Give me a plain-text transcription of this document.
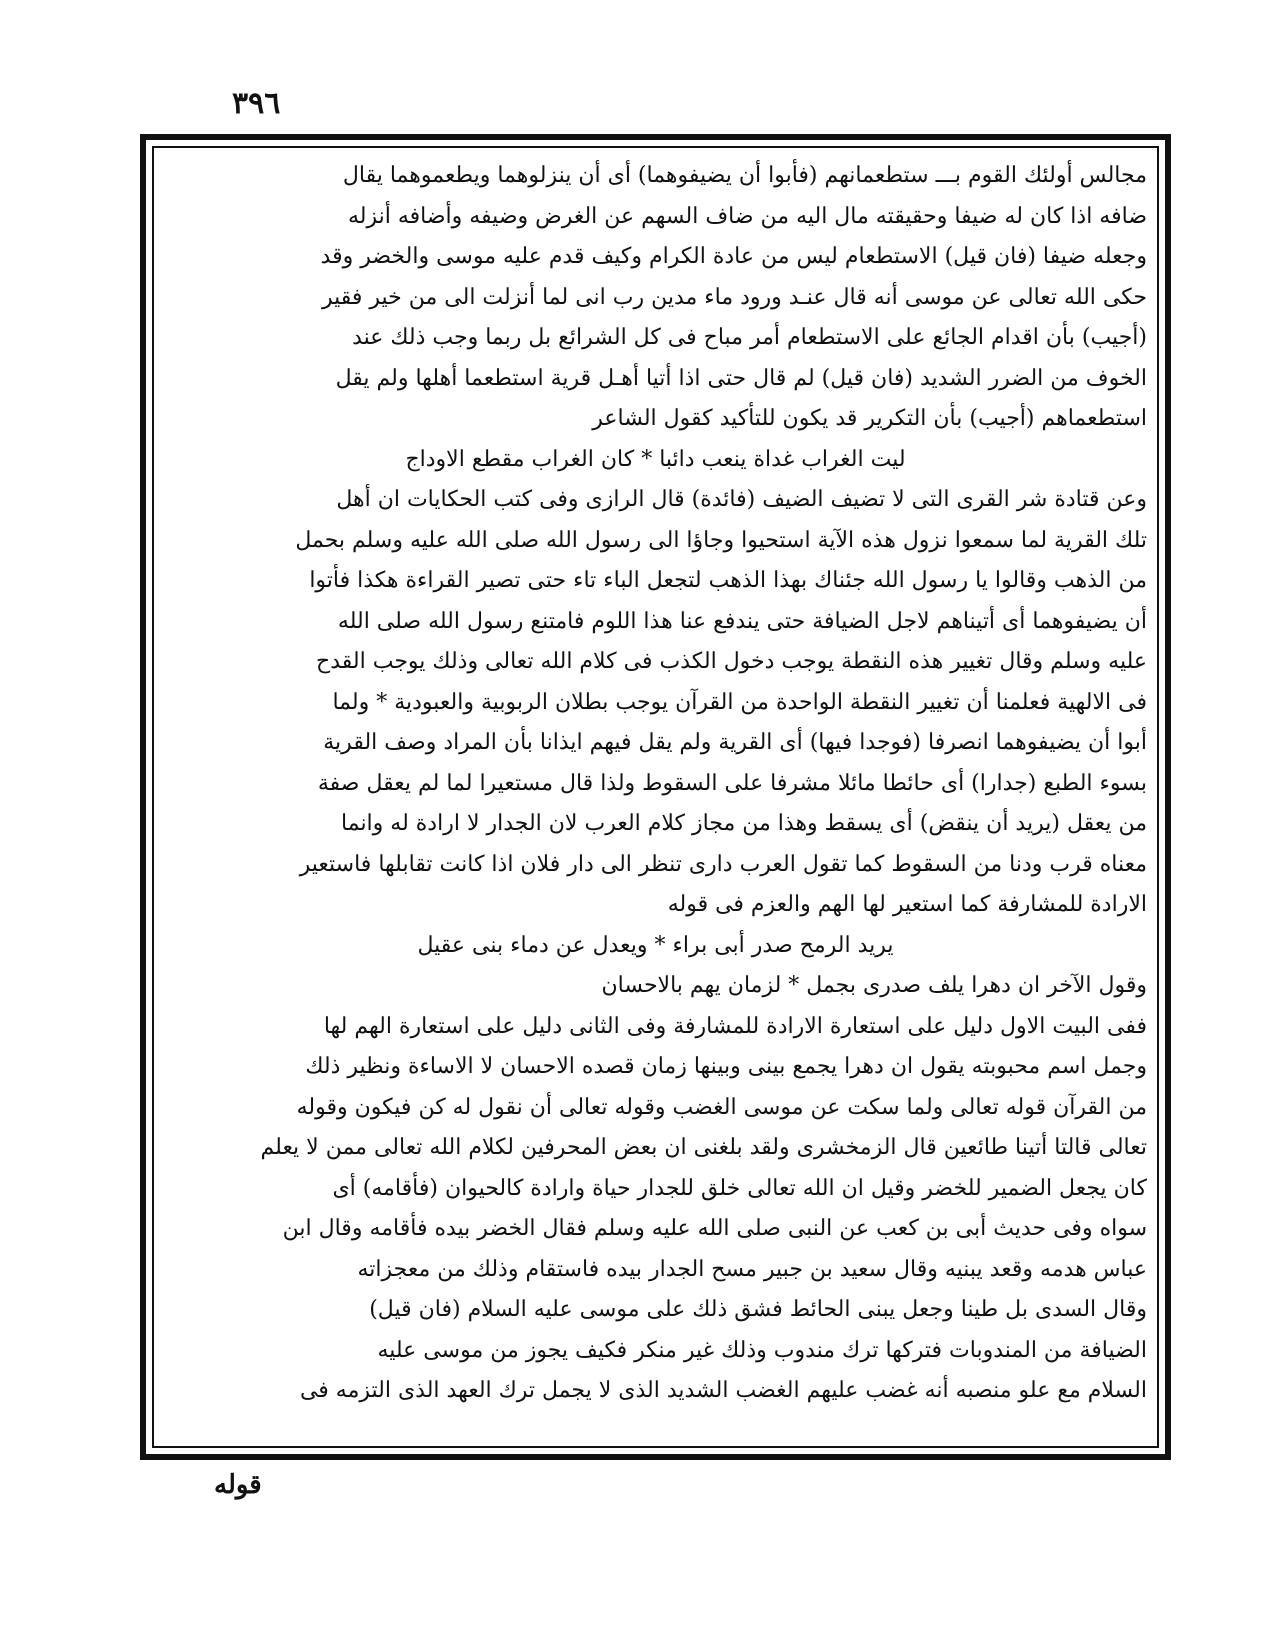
٣٩٦
مجالس أولئك القوم بـــ ستطعمانهم (فأبوا أن يضيفوهما) أى أن ينزلوهما ويطعموهما يقال
ضافه اذا كان له ضيفا وحقيقته مال اليه من ضاف السهم عن الغرض وضيفه وأضافه أنزله
وجعله ضيفا (فان قيل) الاستطعام ليس من عادة الكرام وكيف قدم عليه موسى والخضر وقد
حكى الله تعالى عن موسى أنه قال عنـد ورود ماء مدين رب انى لما أنزلت الى من خير فقير
(أجيب) بأن اقدام الجائع على الاستطعام أمر مباح فى كل الشرائع بل ربما وجب ذلك عند
الخوف من الضرر الشديد (فان قيل) لم قال حتى اذا أتيا أهـل قرية استطعما أهلها ولم يقل
استطعماهم (أجيب) بأن التكرير قد يكون للتأكيد كقول الشاعر
ليت الغراب غداة ينعب دائبا * كان الغراب مقطع الاوداج
وعن قتادة شر القرى التى لا تضيف الضيف (فائدة) قال الرازى وفى كتب الحكايات ان أهل
تلك القرية لما سمعوا نزول هذه الآية استحيوا وجاؤا الى رسول الله صلى الله عليه وسلم بحمل
من الذهب وقالوا يا رسول الله جئناك بهذا الذهب لتجعل الباء تاء حتى تصير القراءة هكذا فأتوا
أن يضيفوهما أى أتيناهم لاجل الضيافة حتى يندفع عنا هذا اللوم فامتنع رسول الله صلى الله
عليه وسلم وقال تغيير هذه النقطة يوجب دخول الكذب فى كلام الله تعالى وذلك يوجب القدح
فى الالهية فعلمنا أن تغيير النقطة الواحدة من القرآن يوجب بطلان الربوبية والعبودية * ولما
أبوا أن يضيفوهما انصرفا (فوجدا فيها) أى القرية ولم يقل فيهم ايذانا بأن المراد وصف القرية
بسوء الطبع (جدارا) أى حائطا مائلا مشرفا على السقوط ولذا قال مستعيرا لما لم يعقل صفة
من يعقل (يريد أن ينقض) أى يسقط وهذا من مجاز كلام العرب لان الجدار لا ارادة له وانما
معناه قرب ودنا من السقوط كما تقول العرب دارى تنظر الى دار فلان اذا كانت تقابلها فاستعير
الارادة للمشارفة كما استعير لها الهم والعزم فى قوله
يريد الرمح صدر أبى براء * ويعدل عن دماء بنى عقيل
وقول الآخر ان دهرا يلف صدرى بجمل * لزمان يهم بالاحسان
ففى البيت الاول دليل على استعارة الارادة للمشارفة وفى الثانى دليل على استعارة الهم لها
وجمل اسم محبوبته يقول ان دهرا يجمع بينى وبينها زمان قصده الاحسان لا الاساءة ونظير ذلك
من القرآن قوله تعالى ولما سكت عن موسى الغضب وقوله تعالى أن نقول له كن فيكون وقوله
تعالى قالتا أتينا طائعين قال الزمخشرى ولقد بلغنى ان بعض المحرفين لكلام الله تعالى ممن لا يعلم
كان يجعل الضمير للخضر وقيل ان الله تعالى خلق للجدار حياة وارادة كالحيوان (فأقامه) أى
سواه وفى حديث أبى بن كعب عن النبى صلى الله عليه وسلم فقال الخضر بيده فأقامه وقال ابن
عباس هدمه وقعد يبنيه وقال سعيد بن جبير مسح الجدار بيده فاستقام وذلك من معجزاته
وقال السدى بل طينا وجعل يبنى الحائط فشق ذلك على موسى عليه السلام (فان قيل)
الضيافة من المندوبات فتركها ترك مندوب وذلك غير منكر فكيف يجوز من موسى عليه
السلام مع علو منصبه أنه غضب عليهم الغضب الشديد الذى لا يجمل ترك العهد الذى التزمه فى
قوله
